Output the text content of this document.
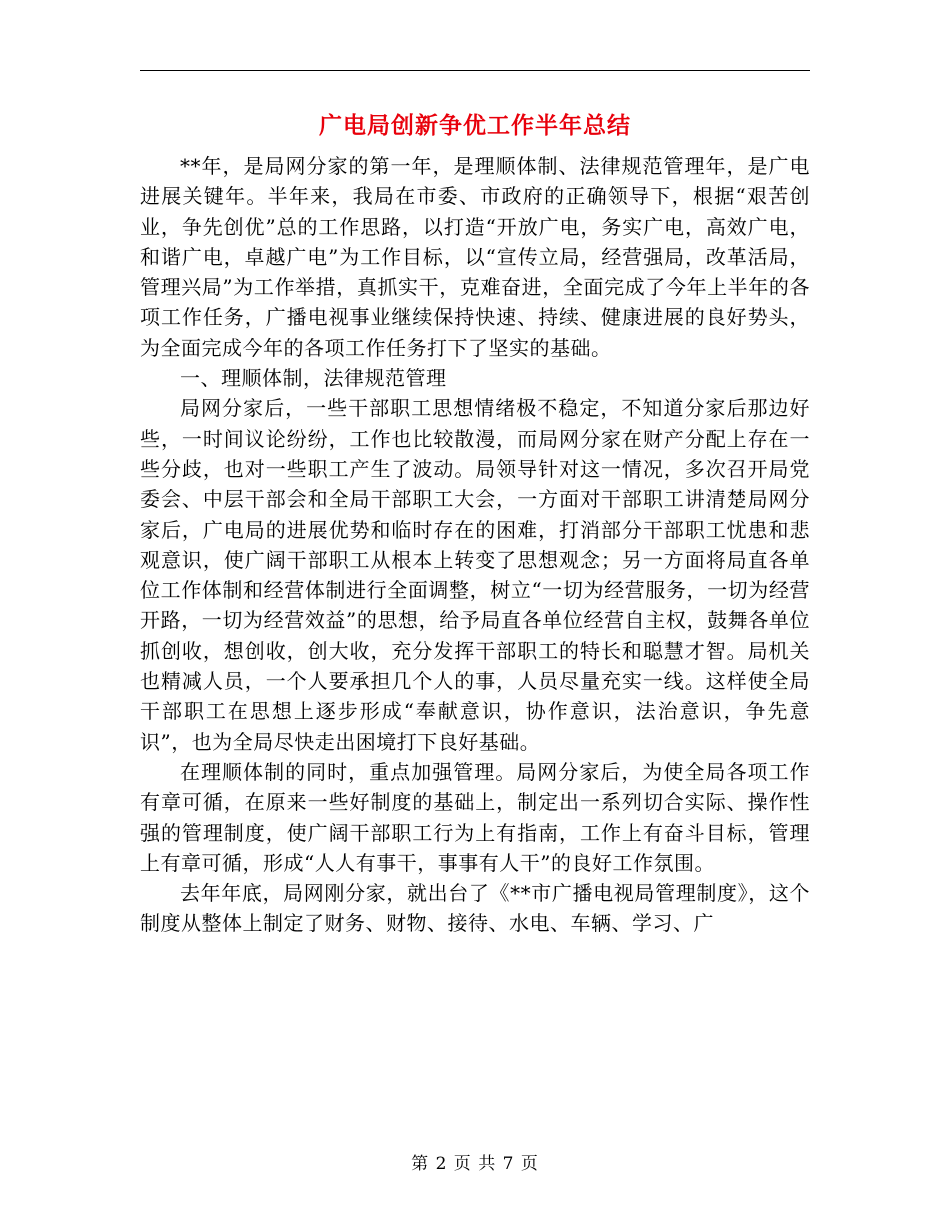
广电局创新争优工作半年总结

**年，是局网分家的第一年，是理顺体制、法律规范管理年，是广电进展关键年。半年来，我局在市委、市政府的正确领导下，根据“艰苦创业，争先创优”总的工作思路，以打造“开放广电，务实广电，高效广电，和谐广电，卓越广电”为工作目标，以“宣传立局，经营强局，改革活局，管理兴局”为工作举措，真抓实干，克难奋进，全面完成了今年上半年的各项工作任务，广播电视事业继续保持快速、持续、健康进展的良好势头，为全面完成今年的各项工作任务打下了坚实的基础。

一、理顺体制，法律规范管理

局网分家后，一些干部职工思想情绪极不稳定，不知道分家后那边好些，一时间议论纷纷，工作也比较散漫，而局网分家在财产分配上存在一些分歧，也对一些职工产生了波动。局领导针对这一情况，多次召开局党委会、中层干部会和全局干部职工大会，一方面对干部职工讲清楚局网分家后，广电局的进展优势和临时存在的困难，打消部分干部职工忧患和悲观意识，使广阔干部职工从根本上转变了思想观念；另一方面将局直各单位工作体制和经营体制进行全面调整，树立“一切为经营服务，一切为经营开路，一切为经营效益”的思想，给予局直各单位经营自主权，鼓舞各单位抓创收，想创收，创大收，充分发挥干部职工的特长和聪慧才智。局机关也精减人员，一个人要承担几个人的事，人员尽量充实一线。这样使全局干部职工在思想上逐步形成“奉献意识，协作意识，法治意识，争先意识”，也为全局尽快走出困境打下良好基础。

在理顺体制的同时，重点加强管理。局网分家后，为使全局各项工作有章可循，在原来一些好制度的基础上，制定出一系列切合实际、操作性强的管理制度，使广阔干部职工行为上有指南，工作上有奋斗目标，管理上有章可循，形成“人人有事干，事事有人干”的良好工作氛围。

去年年底，局网刚分家，就出台了《**市广播电视局管理制度》，这个制度从整体上制定了财务、财物、接待、水电、车辆、学习、广

第 2 页 共 7 页
